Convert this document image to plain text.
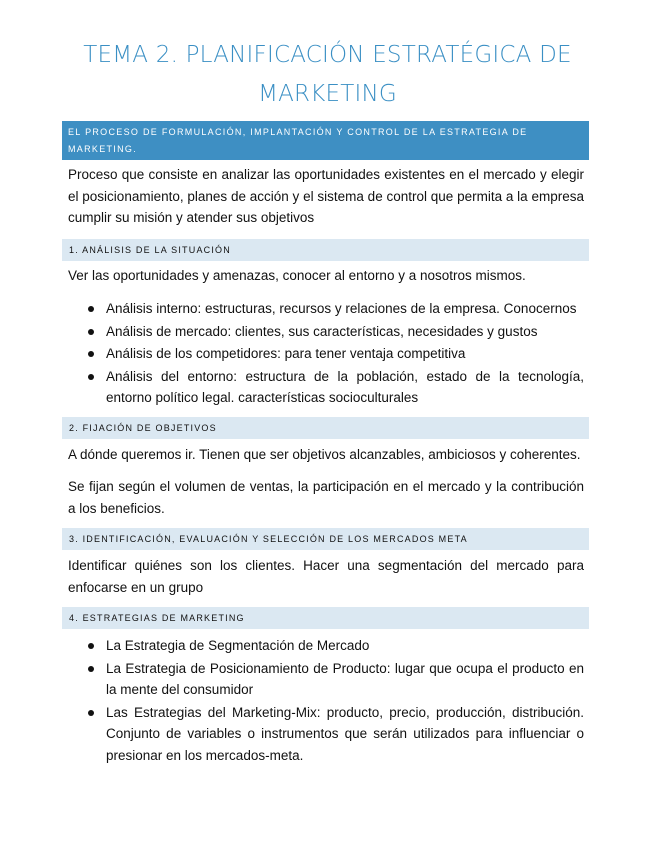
TEMA 2. PLANIFICACIÓN ESTRATÉGICA DE
MARKETING
EL PROCESO DE FORMULACIÓN, IMPLANTACIÓN Y CONTROL DE LA ESTRATEGIA DE
MARKETING.
Proceso que consiste en analizar las oportunidades existentes en el mercado y elegir el posicionamiento, planes de acción y el sistema de control que permita a la empresa cumplir su misión y atender sus objetivos
1. ANÁLISIS DE LA SITUACIÓN
Ver las oportunidades y amenazas, conocer al entorno y a nosotros mismos.
Análisis interno: estructuras, recursos y relaciones de la empresa. Conocernos
Análisis de mercado: clientes, sus características, necesidades y gustos
Análisis de los competidores: para tener ventaja competitiva
Análisis del entorno: estructura de la población, estado de la tecnología, entorno político legal. características socioculturales
2. FIJACIÓN DE OBJETIVOS
A dónde queremos ir. Tienen que ser objetivos alcanzables, ambiciosos y coherentes.
Se fijan según el volumen de ventas, la participación en el mercado y la contribución a los beneficios.
3. IDENTIFICACIÓN, EVALUACIÓN Y SELECCIÓN DE LOS MERCADOS META
Identificar quiénes son los clientes. Hacer una segmentación del mercado para enfocarse en un grupo
4. ESTRATEGIAS DE MARKETING
La Estrategia de Segmentación de Mercado
La Estrategia de Posicionamiento de Producto: lugar que ocupa el producto en la mente del consumidor
Las Estrategias del Marketing-Mix: producto, precio, producción, distribución. Conjunto de variables o instrumentos que serán utilizados para influenciar o presionar en los mercados-meta.
